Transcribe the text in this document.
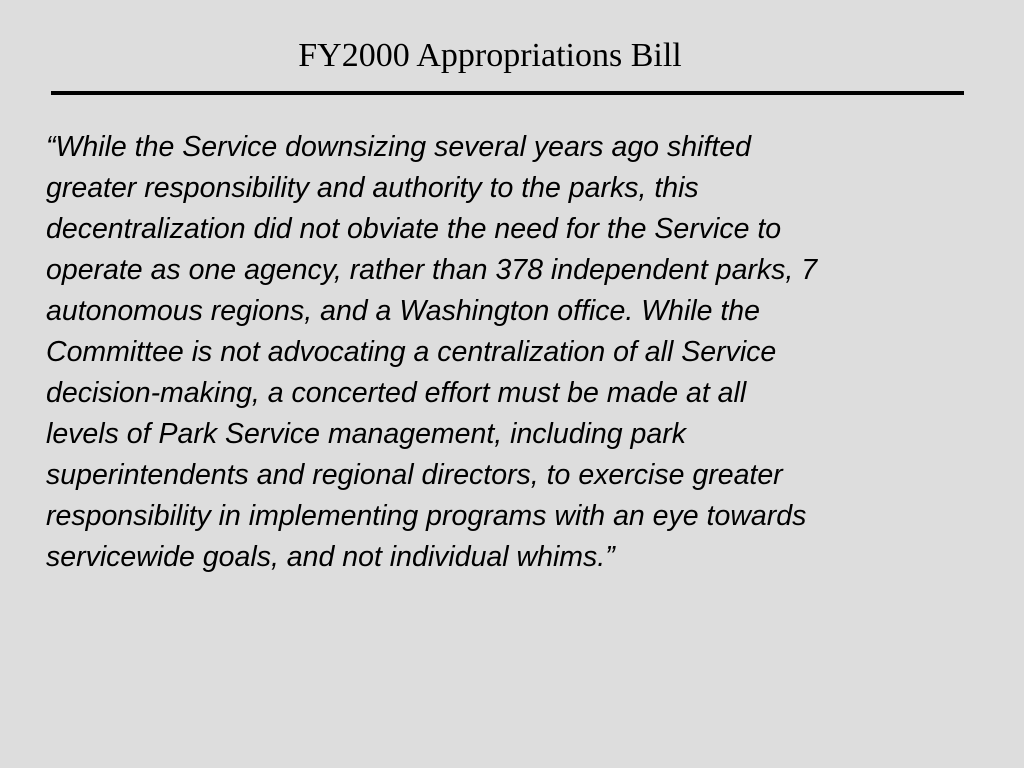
FY2000 Appropriations Bill
“While the Service downsizing several years ago shifted
greater responsibility and authority to the parks, this
decentralization did not obviate the need for the Service to
operate as one agency, rather than 378 independent parks, 7
autonomous regions, and a Washington office. While the
Committee is not advocating a centralization of all Service
decision-making, a concerted effort must be made at all
levels of Park Service management, including park
superintendents and regional directors, to exercise greater
responsibility in implementing programs with an eye towards
servicewide goals, and not individual whims.”
